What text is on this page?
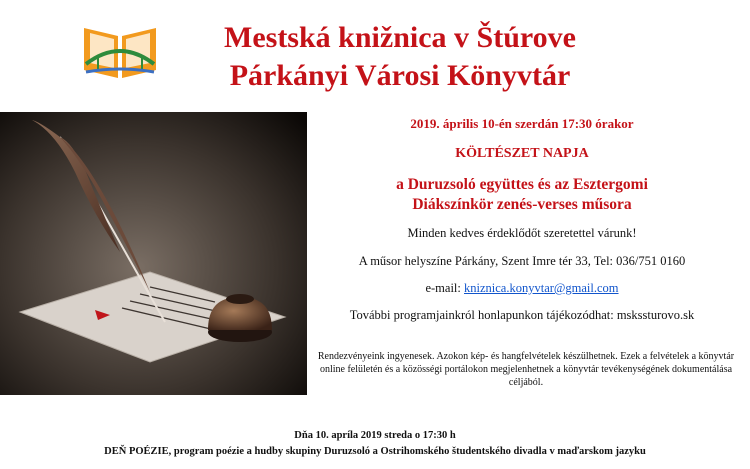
Mestská knižnica v Štúrove
Párkányi Városi Könyvtár
2019. április 10-én szerdán 17:30 órakor
KÖLTÉSZET NAPJA
a Duruzsoló együttes és az Esztergomi
Diákszínkör zenés-verses műsora
Minden kedves érdeklődőt szeretettel várunk!
A műsor helyszíne Párkány, Szent Imre tér 33, Tel: 036/751 0160
e-mail: kniznica.konyvtar@gmail.com
További programjainkról honlapunkon tájékozódhat: mskssturovo.sk
Rendezvényeink ingyenesek. Azokon kép- és hangfelvételek készülhetnek. Ezek a felvételek a könyvtár online felületén és a közösségi portálokon megjelenhetnek a könyvtár tevékenységének dokumentálása céljából.
Dňa 10. apríla 2019 streda o 17:30 h
DEŇ POÉZIE, program poézie a hudby skupiny Duruzsoló a Ostrihomského študentského divadla v maďarskom jazyku
